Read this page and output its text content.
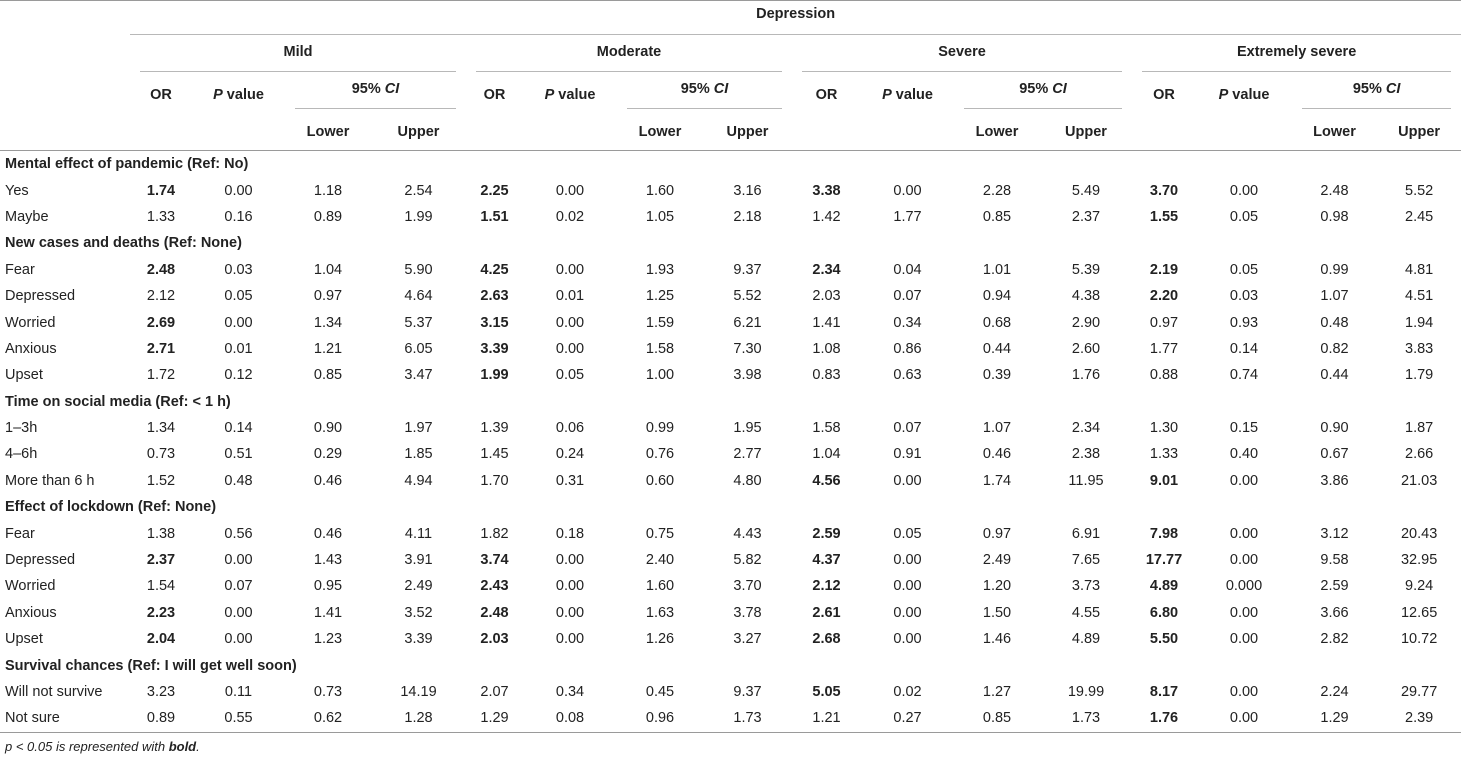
	Depression															

	Mild				Moderate				Severe				Extremely severe			

	OR	P value	95% CI		OR	P value	95% CI		OR	P value	95% CI		OR	P value	95% CI	

			Lower	Upper			Lower	Upper			Lower	Upper			Lower	Upper
Mental effect of pandemic (Ref: No)																
Yes	1.74	0.00	1.18	2.54	2.25	0.00	1.60	3.16	3.38	0.00	2.28	5.49	3.70	0.00	2.48	5.52
Maybe	1.33	0.16	0.89	1.99	1.51	0.02	1.05	2.18	1.42	1.77	0.85	2.37	1.55	0.05	0.98	2.45
New cases and deaths (Ref: None)																
Fear	2.48	0.03	1.04	5.90	4.25	0.00	1.93	9.37	2.34	0.04	1.01	5.39	2.19	0.05	0.99	4.81
Depressed	2.12	0.05	0.97	4.64	2.63	0.01	1.25	5.52	2.03	0.07	0.94	4.38	2.20	0.03	1.07	4.51
Worried	2.69	0.00	1.34	5.37	3.15	0.00	1.59	6.21	1.41	0.34	0.68	2.90	0.97	0.93	0.48	1.94
Anxious	2.71	0.01	1.21	6.05	3.39	0.00	1.58	7.30	1.08	0.86	0.44	2.60	1.77	0.14	0.82	3.83
Upset	1.72	0.12	0.85	3.47	1.99	0.05	1.00	3.98	0.83	0.63	0.39	1.76	0.88	0.74	0.44	1.79
Time on social media (Ref: < 1 h)																
1–3h	1.34	0.14	0.90	1.97	1.39	0.06	0.99	1.95	1.58	0.07	1.07	2.34	1.30	0.15	0.90	1.87
4–6h	0.73	0.51	0.29	1.85	1.45	0.24	0.76	2.77	1.04	0.91	0.46	2.38	1.33	0.40	0.67	2.66
More than 6 h	1.52	0.48	0.46	4.94	1.70	0.31	0.60	4.80	4.56	0.00	1.74	11.95	9.01	0.00	3.86	21.03
Effect of lockdown (Ref: None)																
Fear	1.38	0.56	0.46	4.11	1.82	0.18	0.75	4.43	2.59	0.05	0.97	6.91	7.98	0.00	3.12	20.43
Depressed	2.37	0.00	1.43	3.91	3.74	0.00	2.40	5.82	4.37	0.00	2.49	7.65	17.77	0.00	9.58	32.95
Worried	1.54	0.07	0.95	2.49	2.43	0.00	1.60	3.70	2.12	0.00	1.20	3.73	4.89	0.000	2.59	9.24
Anxious	2.23	0.00	1.41	3.52	2.48	0.00	1.63	3.78	2.61	0.00	1.50	4.55	6.80	0.00	3.66	12.65
Upset	2.04	0.00	1.23	3.39	2.03	0.00	1.26	3.27	2.68	0.00	1.46	4.89	5.50	0.00	2.82	10.72
Survival chances (Ref: I will get well soon)																
Will not survive	3.23	0.11	0.73	14.19	2.07	0.34	0.45	9.37	5.05	0.02	1.27	19.99	8.17	0.00	2.24	29.77
Not sure	0.89	0.55	0.62	1.28	1.29	0.08	0.96	1.73	1.21	0.27	0.85	1.73	1.76	0.00	1.29	2.39
p < 0.05 is represented with bold.
